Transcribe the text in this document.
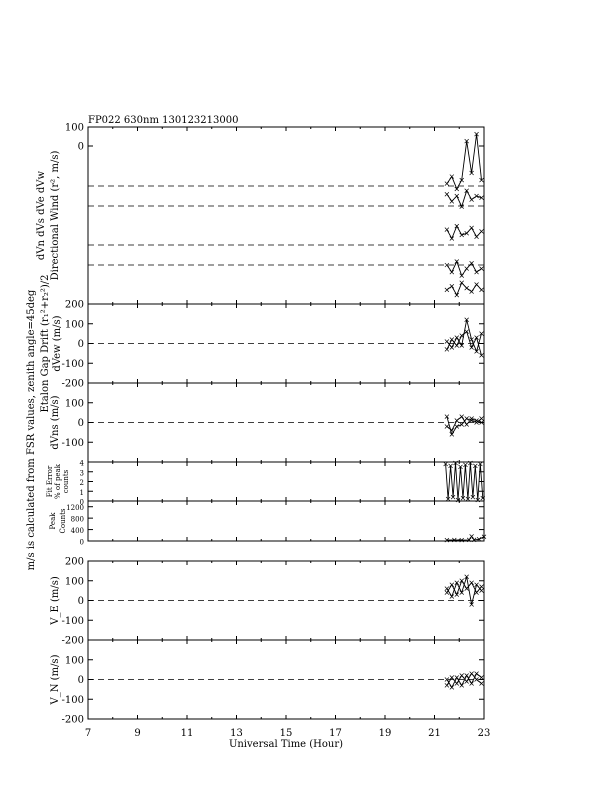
FP022 630nm 130123213000
m/s is calculated from FSR values, zenith angle=45deg
Universal Time (Hour)
100
0
Directional Wind (r², m/s)
dVn dVs dVe dVw
200
100
0
-100
-200
Etalon Gap Drift (r₁²+r₂²)/2 dVew (m/s)
100
0
-100
dVns (m/s)
4
3
2
1
0
Fit Error % of peak counts
1200
800
400
0
Peak Counts
200
100
0
-100
-200
V_E (m/s)
100
0
-100
-200
V_N (m/s)
7	9	11	13	15	17	19	21	23
